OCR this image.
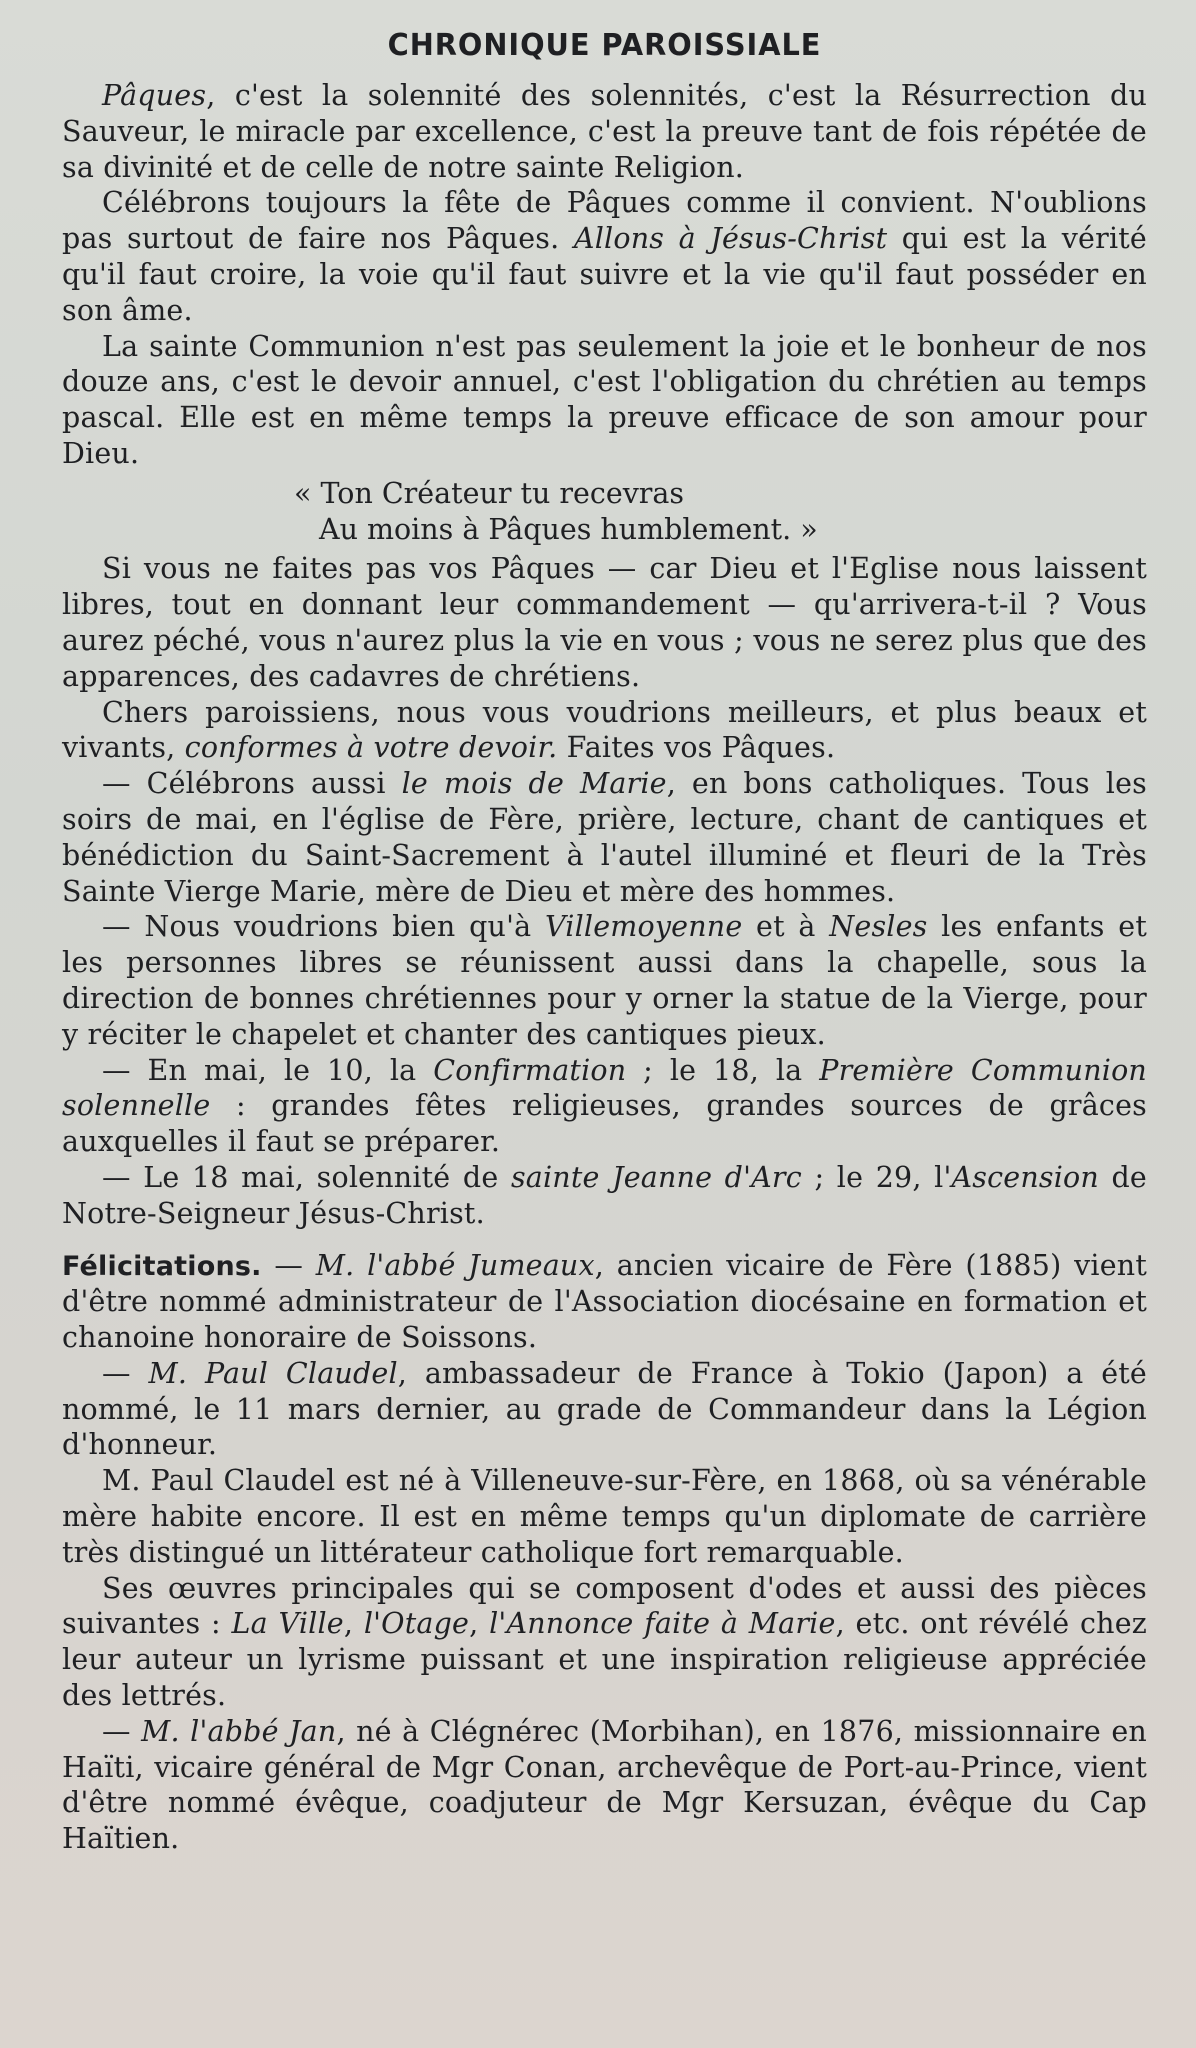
CHRONIQUE PAROISSIALE

Pâques, c'est la solennité des solennités, c'est la Résurrection du Sauveur, le miracle par excellence, c'est la preuve tant de fois répétée de sa divinité et de celle de notre sainte Religion.

Célébrons toujours la fête de Pâques comme il convient. N'oublions pas surtout de faire nos Pâques. Allons à Jésus-Christ qui est la vérité qu'il faut croire, la voie qu'il faut suivre et la vie qu'il faut posséder en son âme.

La sainte Communion n'est pas seulement la joie et le bonheur de nos douze ans, c'est le devoir annuel, c'est l'obligation du chrétien au temps pascal. Elle est en même temps la preuve efficace de son amour pour Dieu.

« Ton Créateur tu recevras
Au moins à Pâques humblement. »

Si vous ne faites pas vos Pâques — car Dieu et l'Eglise nous laissent libres, tout en donnant leur commandement — qu'arrivera-t-il ? Vous aurez péché, vous n'aurez plus la vie en vous ; vous ne serez plus que des apparences, des cadavres de chrétiens.

Chers paroissiens, nous vous voudrions meilleurs, et plus beaux et vivants, conformes à votre devoir. Faites vos Pâques.

— Célébrons aussi le mois de Marie, en bons catholiques. Tous les soirs de mai, en l'église de Fère, prière, lecture, chant de cantiques et bénédiction du Saint-Sacrement à l'autel illuminé et fleuri de la Très Sainte Vierge Marie, mère de Dieu et mère des hommes.

— Nous voudrions bien qu'à Villemoyenne et à Nesles les enfants et les personnes libres se réunissent aussi dans la chapelle, sous la direction de bonnes chrétiennes pour y orner la statue de la Vierge, pour y réciter le chapelet et chanter des cantiques pieux.

— En mai, le 10, la Confirmation ; le 18, la Première Communion solennelle : grandes fêtes religieuses, grandes sources de grâces auxquelles il faut se préparer.

— Le 18 mai, solennité de sainte Jeanne d'Arc ; le 29, l'Ascension de Notre-Seigneur Jésus-Christ.

Félicitations. — M. l'abbé Jumeaux, ancien vicaire de Fère (1885) vient d'être nommé administrateur de l'Association diocésaine en formation et chanoine honoraire de Soissons.

— M. Paul Claudel, ambassadeur de France à Tokio (Japon) a été nommé, le 11 mars dernier, au grade de Commandeur dans la Légion d'honneur.

M. Paul Claudel est né à Villeneuve-sur-Fère, en 1868, où sa vénérable mère habite encore. Il est en même temps qu'un diplomate de carrière très distingué un littérateur catholique fort remarquable.

Ses œuvres principales qui se composent d'odes et aussi des pièces suivantes : La Ville, l'Otage, l'Annonce faite à Marie, etc. ont révélé chez leur auteur un lyrisme puissant et une inspiration religieuse appréciée des lettrés.

— M. l'abbé Jan, né à Clégnérec (Morbihan), en 1876, missionnaire en Haïti, vicaire général de Mgr Conan, archevêque de Port-au-Prince, vient d'être nommé évêque, coadjuteur de Mgr Kersuzan, évêque du Cap Haïtien.
